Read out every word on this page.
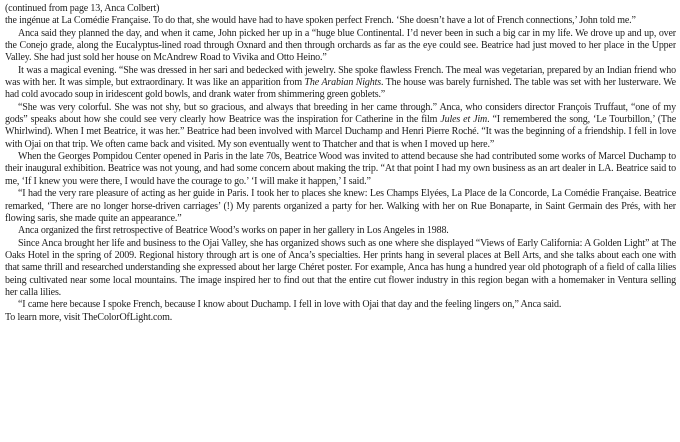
(continued from page 13, Anca Colbert)

the ingénue at La Comédie Française. To do that, she would have had to have spoken perfect French. ‘She doesn’t have a lot of French connections,’ John told me.”

Anca said they planned the day, and when it came, John picked her up in a “huge blue Continental. I’d never been in such a big car in my life. We drove up and up, over the Conejo grade, along the Eucalyptus-lined road through Oxnard and then through orchards as far as the eye could see. Beatrice had just moved to her place in the Upper Valley. She had just sold her house on McAndrew Road to Vivika and Otto Heino.”

It was a magical evening. “She was dressed in her sari and bedecked with jewelry. She spoke flawless French. The meal was vegetarian, prepared by an Indian friend who was with her. It was simple, but extraordinary. It was like an apparition from The Arabian Nights. The house was barely furnished. The table was set with her lusterware. We had cold avocado soup in iridescent gold bowls, and drank water from shimmering green goblets.”

“She was very colorful. She was not shy, but so gracious, and always that breeding in her came through.” Anca, who considers director François Truffaut, “one of my gods” speaks about how she could see very clearly how Beatrice was the inspiration for Catherine in the film Jules et Jim. “I remembered the song, ‘Le Tourbillon,’ (The Whirlwind). When I met Beatrice, it was her.” Beatrice had been involved with Marcel Duchamp and Henri Pierre Roché. “It was the beginning of a friendship. I fell in love with Ojai on that trip. We often came back and visited. My son eventually went to Thatcher and that is when I moved up here.”

When the Georges Pompidou Center opened in Paris in the late 70s, Beatrice Wood was invited to attend because she had contributed some works of Marcel Duchamp to their inaugural exhibition. Beatrice was not young, and had some concern about making the trip. “At that point I had my own business as an art dealer in LA. Beatrice said to me, ‘If I knew you were there, I would have the courage to go.’ ‘I will make it happen,’ I said.”

“I had the very rare pleasure of acting as her guide in Paris. I took her to places she knew: Les Champs Elyées, La Place de la Concorde, La Comédie Française. Beatrice remarked, ‘There are no longer horse-driven carriages’ (!) My parents organized a party for her. Walking with her on Rue Bonaparte, in Saint Germain des Prés, with her flowing saris, she made quite an appearance.”

Anca organized the first retrospective of Beatrice Wood’s works on paper in her gallery in Los Angeles in 1988.

Since Anca brought her life and business to the Ojai Valley, she has organized shows such as one where she displayed “Views of Early California: A Golden Light” at The Oaks Hotel in the spring of 2009. Regional history through art is one of Anca’s specialties. Her prints hang in several places at Bell Arts, and she talks about each one with that same thrill and researched understanding she expressed about her large Chéret poster. For example, Anca has hung a hundred year old photograph of a field of calla lilies being cultivated near some local mountains. The image inspired her to find out that the entire cut flower industry in this region began with a homemaker in Ventura selling her calla lilies.

“I came here because I spoke French, because I know about Duchamp. I fell in love with Ojai that day and the feeling lingers on,” Anca said.

To learn more, visit TheColorOfLight.com.
